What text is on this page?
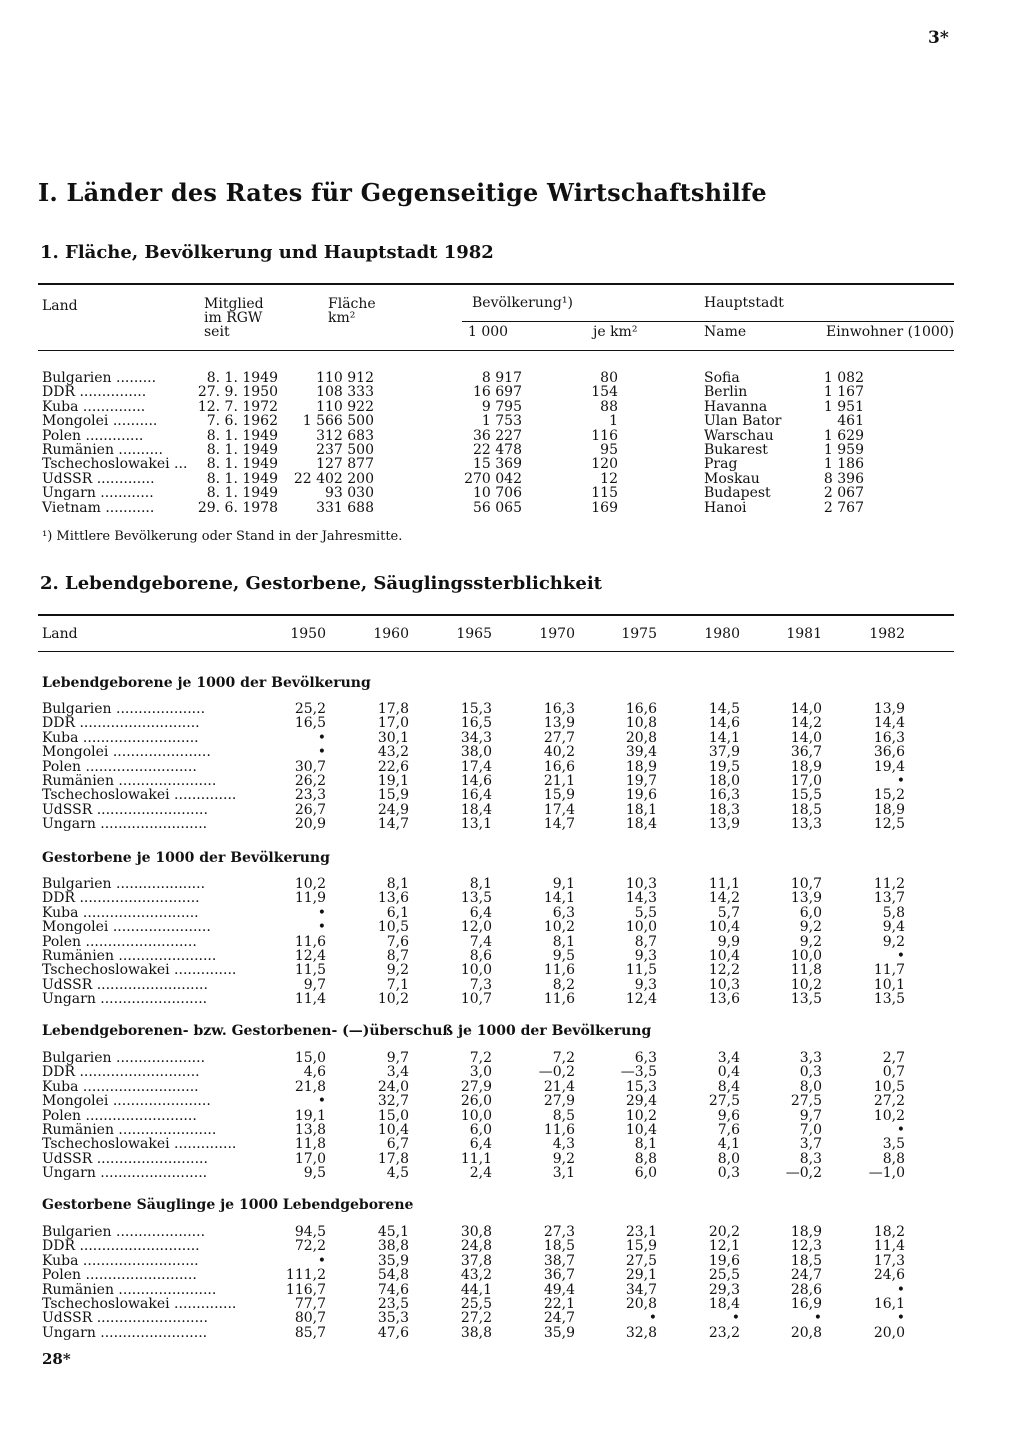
3*
28*
I. Länder des Rates für Gegenseitige Wirtschaftshilfe
1. Fläche, Bevölkerung und Hauptstadt 1982
Land	Mitglied
im RGW
seit
Fläche
km²
Bevölkerung¹)
1 000	je km²
Hauptstadt
Name	Einwohner (1000)
Bulgarien .........	8. 1. 1949	110 912	8 917	80	Sofia	1 082
DDR ...............	27. 9. 1950	108 333	16 697	154	Berlin	1 167
Kuba ..............	12. 7. 1972	110 922	9 795	88	Havanna	1 951
Mongolei ..........	7. 6. 1962	1 566 500	1 753	1	Ulan Bator	461
Polen .............	8. 1. 1949	312 683	36 227	116	Warschau	1 629
Rumänien ..........	8. 1. 1949	237 500	22 478	95	Bukarest	1 959
Tschechoslowakei ...	8. 1. 1949	127 877	15 369	120	Prag	1 186
UdSSR .............	8. 1. 1949	22 402 200	270 042	12	Moskau	8 396
Ungarn ............	8. 1. 1949	93 030	10 706	115	Budapest	2 067
Vietnam ...........	29. 6. 1978	331 688	56 065	169	Hanoi	2 767
¹) Mittlere Bevölkerung oder Stand in der Jahresmitte.
2. Lebendgeborene, Gestorbene, Säuglingssterblichkeit
Land	1950	1960	1965	1970	1975	1980	1981	1982
Lebendgeborene je 1000 der Bevölkerung
Bulgarien ....................	25,2	17,8	15,3	16,3	16,6	14,5	14,0	13,9
DDR ...........................	16,5	17,0	16,5	13,9	10,8	14,6	14,2	14,4
Kuba ..........................	•	30,1	34,3	27,7	20,8	14,1	14,0	16,3
Mongolei ......................	•	43,2	38,0	40,2	39,4	37,9	36,7	36,6
Polen .........................	30,7	22,6	17,4	16,6	18,9	19,5	18,9	19,4
Rumänien ......................	26,2	19,1	14,6	21,1	19,7	18,0	17,0	•
Tschechoslowakei ..............	23,3	15,9	16,4	15,9	19,6	16,3	15,5	15,2
UdSSR .........................	26,7	24,9	18,4	17,4	18,1	18,3	18,5	18,9
Ungarn ........................	20,9	14,7	13,1	14,7	18,4	13,9	13,3	12,5
Gestorbene je 1000 der Bevölkerung
Bulgarien ....................	10,2	8,1	8,1	9,1	10,3	11,1	10,7	11,2
DDR ...........................	11,9	13,6	13,5	14,1	14,3	14,2	13,9	13,7
Kuba ..........................	•	6,1	6,4	6,3	5,5	5,7	6,0	5,8
Mongolei ......................	•	10,5	12,0	10,2	10,0	10,4	9,2	9,4
Polen .........................	11,6	7,6	7,4	8,1	8,7	9,9	9,2	9,2
Rumänien ......................	12,4	8,7	8,6	9,5	9,3	10,4	10,0	•
Tschechoslowakei ..............	11,5	9,2	10,0	11,6	11,5	12,2	11,8	11,7
UdSSR .........................	9,7	7,1	7,3	8,2	9,3	10,3	10,2	10,1
Ungarn ........................	11,4	10,2	10,7	11,6	12,4	13,6	13,5	13,5
Lebendgeborenen- bzw. Gestorbenen- (—)überschuß je 1000 der Bevölkerung
Bulgarien ....................	15,0	9,7	7,2	7,2	6,3	3,4	3,3	2,7
DDR ...........................	4,6	3,4	3,0	—0,2	—3,5	0,4	0,3	0,7
Kuba ..........................	21,8	24,0	27,9	21,4	15,3	8,4	8,0	10,5
Mongolei ......................	•	32,7	26,0	27,9	29,4	27,5	27,5	27,2
Polen .........................	19,1	15,0	10,0	8,5	10,2	9,6	9,7	10,2
Rumänien ......................	13,8	10,4	6,0	11,6	10,4	7,6	7,0	•
Tschechoslowakei ..............	11,8	6,7	6,4	4,3	8,1	4,1	3,7	3,5
UdSSR .........................	17,0	17,8	11,1	9,2	8,8	8,0	8,3	8,8
Ungarn ........................	9,5	4,5	2,4	3,1	6,0	0,3	—0,2	—1,0
Gestorbene Säuglinge je 1000 Lebendgeborene
Bulgarien ....................	94,5	45,1	30,8	27,3	23,1	20,2	18,9	18,2
DDR ...........................	72,2	38,8	24,8	18,5	15,9	12,1	12,3	11,4
Kuba ..........................	•	35,9	37,8	38,7	27,5	19,6	18,5	17,3
Polen .........................	111,2	54,8	43,2	36,7	29,1	25,5	24,7	24,6
Rumänien ......................	116,7	74,6	44,1	49,4	34,7	29,3	28,6	•
Tschechoslowakei ..............	77,7	23,5	25,5	22,1	20,8	18,4	16,9	16,1
UdSSR .........................	80,7	35,3	27,2	24,7	•	•	•	•
Ungarn ........................	85,7	47,6	38,8	35,9	32,8	23,2	20,8	20,0
